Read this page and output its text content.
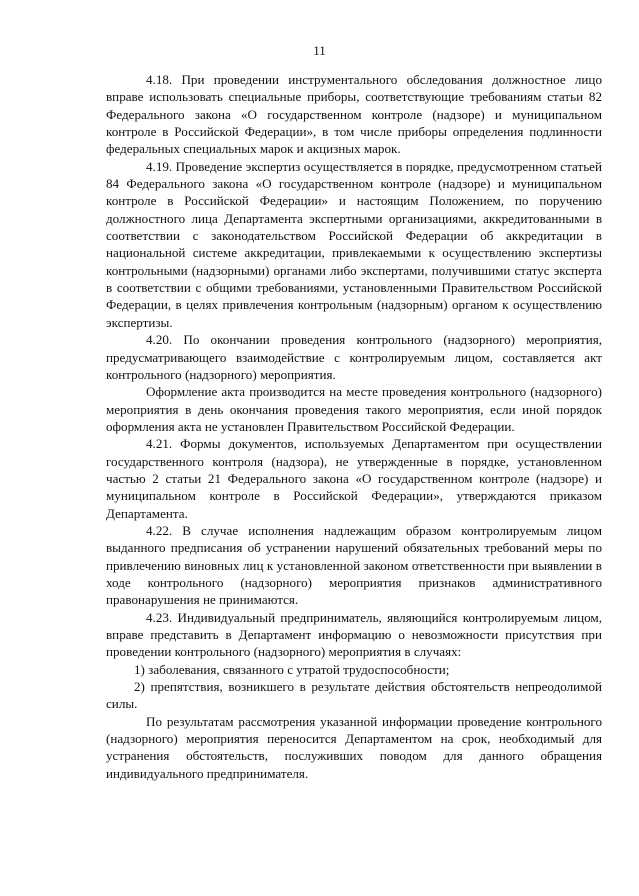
11

4.18. При проведении инструментального обследования должностное лицо вправе использовать специальные приборы, соответствующие требованиям статьи 82 Федерального закона «О государственном контроле (надзоре) и муниципальном контроле в Российской Федерации», в том числе приборы определения подлинности федеральных специальных марок и акцизных марок.

4.19. Проведение экспертиз осуществляется в порядке, предусмотренном статьей 84 Федерального закона «О государственном контроле (надзоре) и муниципальном контроле в Российской Федерации» и настоящим Положением, по поручению должностного лица Департамента экспертными организациями, аккредитованными в соответствии с законодательством Российской Федерации об аккредитации в национальной системе аккредитации, привлекаемыми к осуществлению экспертизы контрольными (надзорными) органами либо экспертами, получившими статус эксперта в соответствии с общими требованиями, установленными Правительством Российской Федерации, в целях привлечения контрольным (надзорным) органом к осуществлению экспертизы.

4.20. По окончании проведения контрольного (надзорного) мероприятия, предусматривающего взаимодействие с контролируемым лицом, составляется акт контрольного (надзорного) мероприятия.

Оформление акта производится на месте проведения контрольного (надзорного) мероприятия в день окончания проведения такого мероприятия, если иной порядок оформления акта не установлен Правительством Российской Федерации.

4.21. Формы документов, используемых Департаментом при осуществлении государственного контроля (надзора), не утвержденные в порядке, установленном частью 2 статьи 21 Федерального закона «О государственном контроле (надзоре) и муниципальном контроле в Российской Федерации», утверждаются приказом Департамента.

4.22. В случае исполнения надлежащим образом контролируемым лицом выданного предписания об устранении нарушений обязательных требований меры по привлечению виновных лиц к установленной законом ответственности при выявлении в ходе контрольного (надзорного) мероприятия признаков административного правонарушения не принимаются.

4.23. Индивидуальный предприниматель, являющийся контролируемым лицом, вправе представить в Департамент информацию о невозможности присутствия при проведении контрольного (надзорного) мероприятия в случаях:

1) заболевания, связанного с утратой трудоспособности;

2) препятствия, возникшего в результате действия обстоятельств непреодолимой силы.

По результатам рассмотрения указанной информации проведение контрольного (надзорного) мероприятия переносится Департаментом на срок, необходимый для устранения обстоятельств, послуживших поводом для данного обращения индивидуального предпринимателя.
